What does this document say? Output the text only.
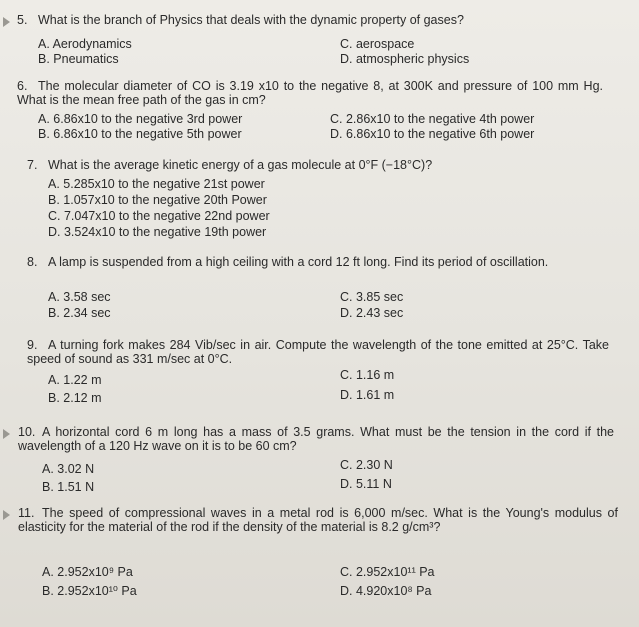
5. What is the branch of Physics that deals with the dynamic property of gases?
A. Aerodynamics
B. Pneumatics
C. aerospace
D. atmospheric physics
6. The molecular diameter of CO is 3.19 x10 to the negative 8, at 300K and pressure of 100 mm Hg. What is the mean free path of the gas in cm?
A. 6.86x10 to the negative 3rd power
B. 6.86x10 to the negative 5th power
C. 2.86x10 to the negative 4th power
D. 6.86x10 to the negative 6th power
7. What is the average kinetic energy of a gas molecule at 0°F (−18°C)?
A. 5.285x10 to the negative 21st power
B. 1.057x10 to the negative 20th Power
C. 7.047x10 to the negative 22nd power
D. 3.524x10 to the negative 19th power
8. A lamp is suspended from a high ceiling with a cord 12 ft long. Find its period of oscillation.
A. 3.58 sec
B. 2.34 sec
C. 3.85 sec
D. 2.43 sec
9. A turning fork makes 284 Vib/sec in air. Compute the wavelength of the tone emitted at 25°C. Take speed of sound as 331 m/sec at 0°C.
A. 1.22 m
B. 2.12 m
C. 1.16 m
D. 1.61 m
10. A horizontal cord 6 m long has a mass of 3.5 grams. What must be the tension in the cord if the wavelength of a 120 Hz wave on it is to be 60 cm?
A. 3.02 N
B. 1.51 N
C. 2.30 N
D. 5.11 N
11. The speed of compressional waves in a metal rod is 6,000 m/sec. What is the Young's modulus of elasticity for the material of the rod if the density of the material is 8.2 g/cm³?
A. 2.952x10⁹ Pa
B. 2.952x10¹⁰ Pa
C. 2.952x10¹¹ Pa
D. 4.920x10⁸ Pa
